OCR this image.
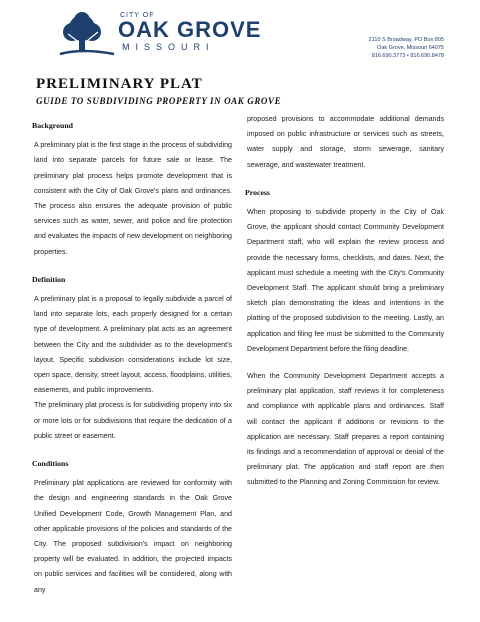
CITY OF
OAK GROVE
MISSOURI
2110 S Broadway, PO Box 805
Oak Grove, Missouri 64075
816.690.3773 • 816.690.8478
PRELIMINARY PLAT
GUIDE TO SUBDIVIDING PROPERTY IN OAK GROVE
Background

A preliminary plat is the first stage in the process of subdividing land into separate parcels for future sale or lease. The preliminary plat process helps promote development that is consistent with the City of Oak Grove's plans and ordinances. The process also ensures the adequate provision of public services such as water, sewer, and police and fire protection and evaluates the impacts of new development on neighboring properties.

Definition

A preliminary plat is a proposal to legally subdivide a parcel of land into separate lots, each properly designed for a certain type of development. A preliminary plat acts as an agreement between the City and the subdivider as to the development's layout. Specific subdivision considerations include lot size, open space, density, street layout, access, floodplains, utilities, easements, and public improvements.

The preliminary plat process is for subdividing property into six or more lots or for subdivisions that require the dedication of a public street or easement.

Conditions

Preliminary plat applications are reviewed for conformity with the design and engineering standards in the Oak Grove Unified Development Code, Growth Management Plan, and other applicable provisions of the policies and standards of the City. The proposed subdivision's impact on neighboring property will be evaluated. In addition, the projected impacts on public services and facilities will be considered, along with any

proposed provisions to accommodate additional demands imposed on public infrastructure or services such as streets, water supply and storage, storm sewerage, sanitary sewerage, and wastewater treatment.

Process

When proposing to subdivide property in the City of Oak Grove, the applicant should contact Community Development Department staff, who will explain the review process and provide the necessary forms, checklists, and dates. Next, the applicant must schedule a meeting with the City's Community Development Staff. The applicant should bring a preliminary sketch plan demonstrating the ideas and intentions in the platting of the proposed subdivision to the meeting. Lastly, an application and filing fee must be submitted to the Community Development Department before the filing deadline.

When the Community Development Department accepts a preliminary plat application, staff reviews it for completeness and compliance with applicable plans and ordinances. Staff will contact the applicant if additions or revisions to the application are necessary. Staff prepares a report containing its findings and a recommendation of approval or denial of the preliminary plat. The application and staff report are then submitted to the Planning and Zoning Commission for review.
